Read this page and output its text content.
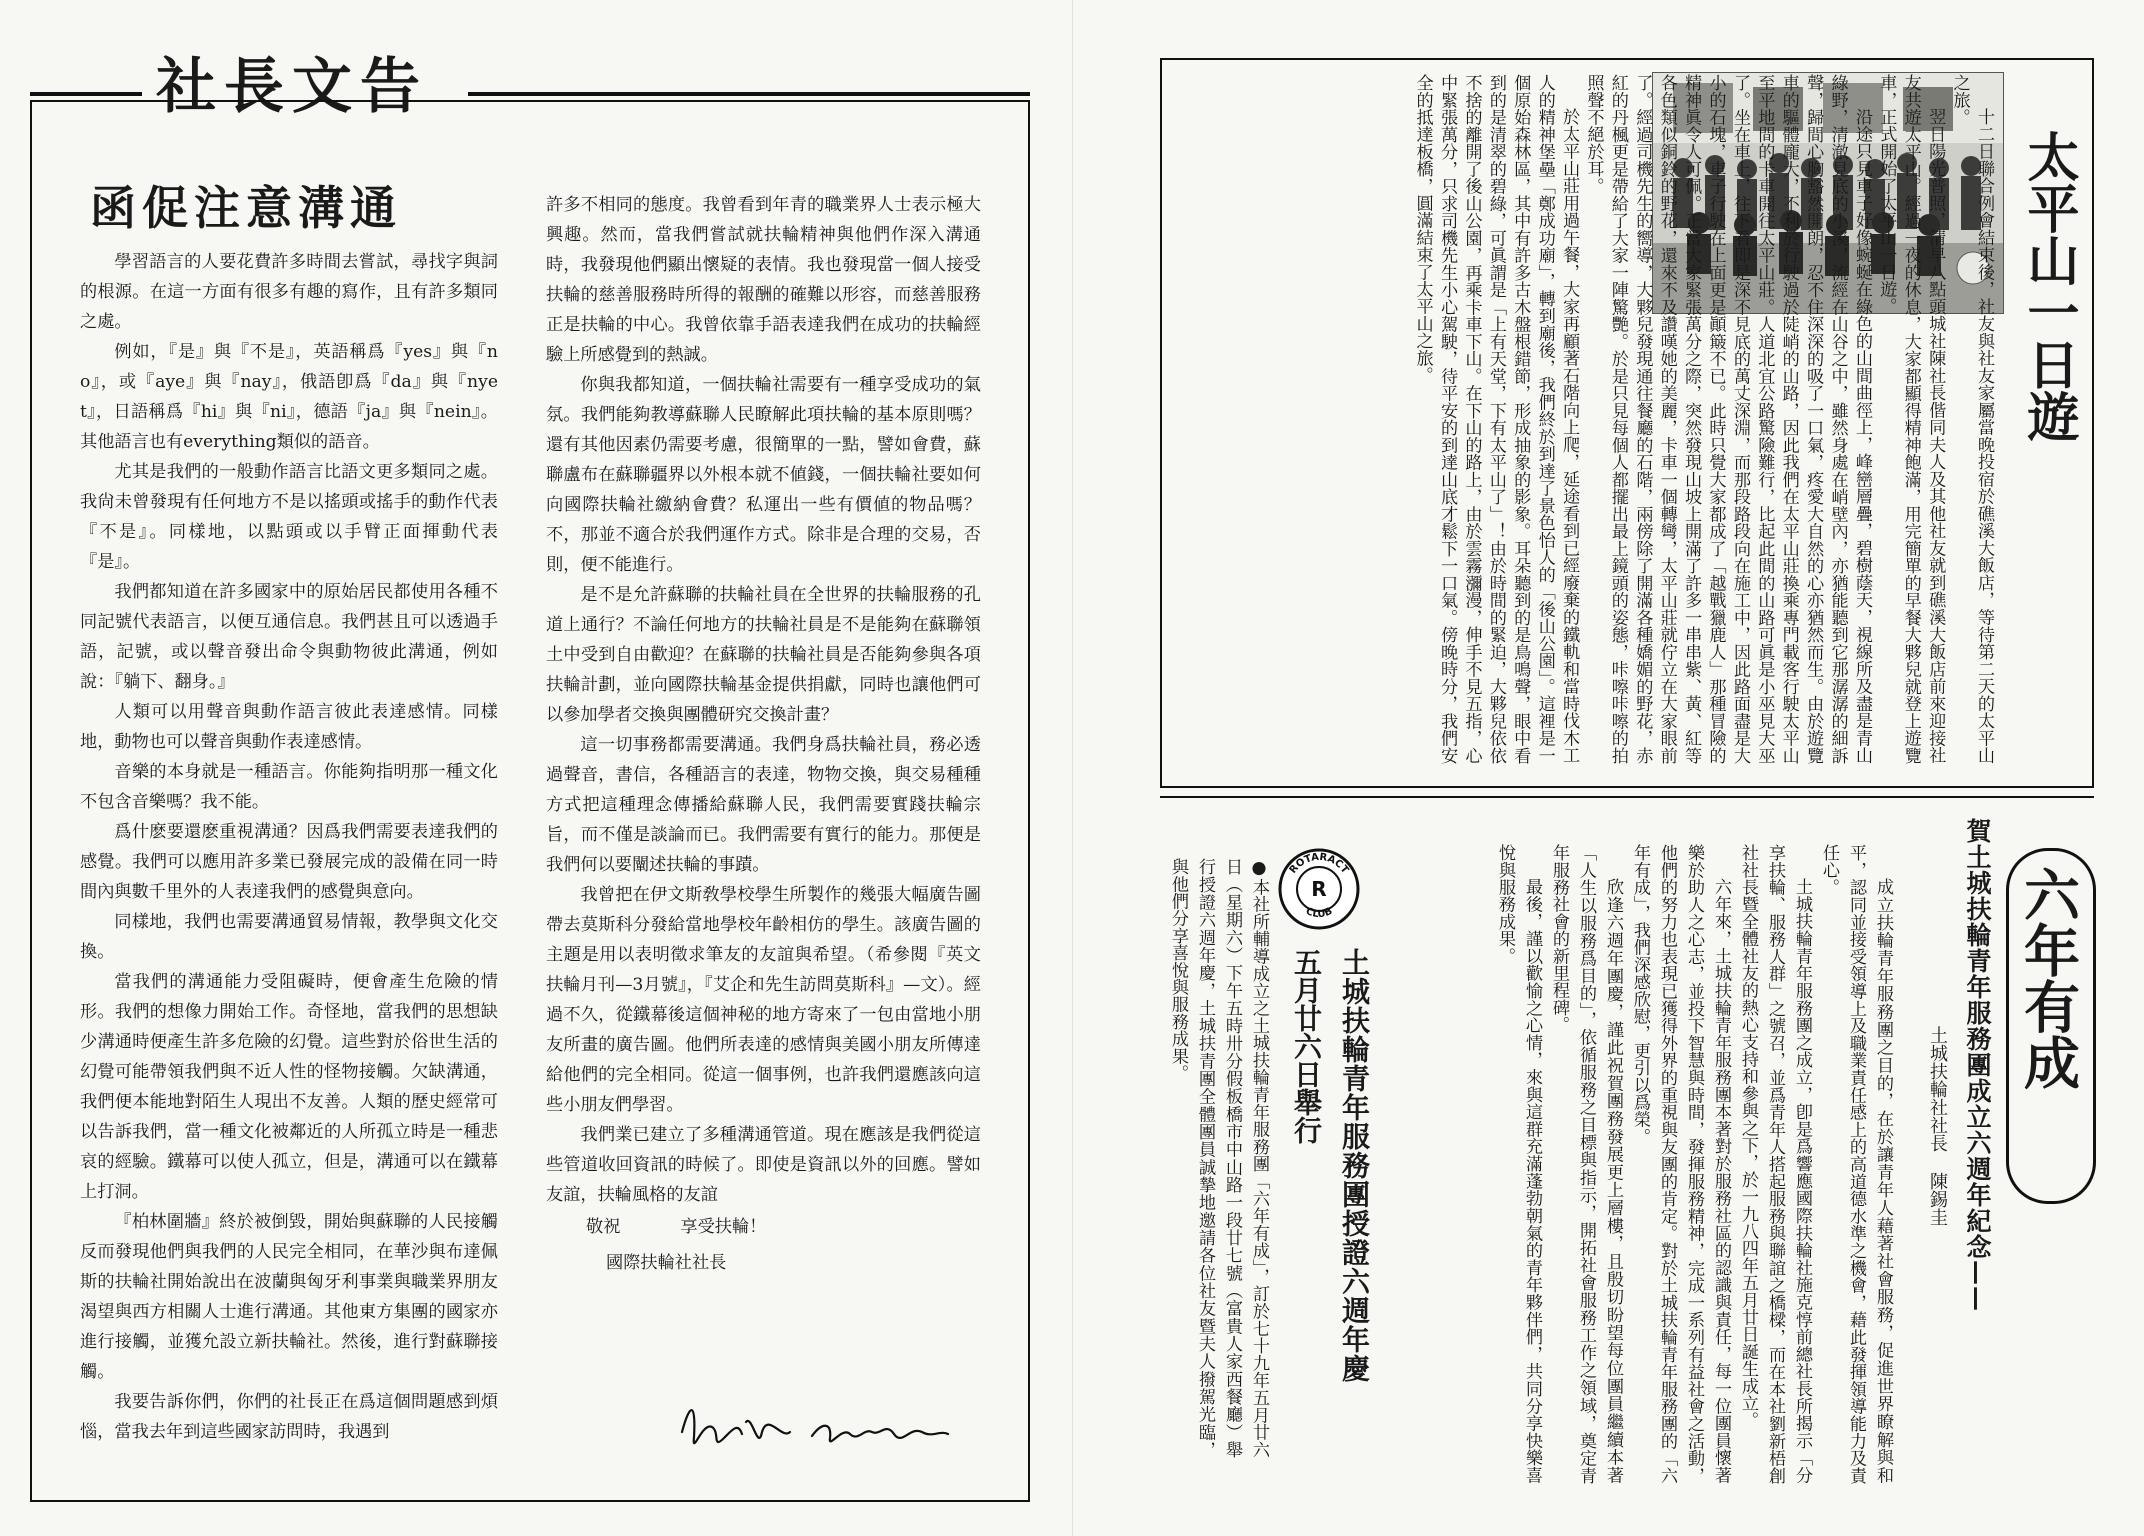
社長文告
函促注意溝通

學習語言的人要花費許多時間去嘗試，尋找字與詞的根源。在這一方面有很多有趣的寫作，且有許多類同之處。

例如，『是』與『不是』，英語稱爲『yes』與『no』，或『aye』與『nay』，俄語卽爲『da』與『nyet』，日語稱爲『hi』與『ni』，德語『ja』與『nein』。其他語言也有everything類似的語音。

尤其是我們的一般動作語言比語文更多類同之處。我尙未曾發現有任何地方不是以搖頭或搖手的動作代表『不是』。同樣地，以點頭或以手臂正面揮動代表『是』。

我們都知道在許多國家中的原始居民都使用各種不同記號代表語言，以便互通信息。我們甚且可以透過手語，記號，或以聲音發出命令與動物彼此溝通，例如說：『躺下、翻身。』

人類可以用聲音與動作語言彼此表達感情。同樣地，動物也可以聲音與動作表達感情。

音樂的本身就是一種語言。你能夠指明那一種文化不包含音樂嗎？我不能。

爲什麽要還麽重視溝通？因爲我們需要表達我們的感覺。我們可以應用許多業已發展完成的設備在同一時間內與數千里外的人表達我們的感覺與意向。

同樣地，我們也需要溝通貿易情報，教學與文化交換。

當我們的溝通能力受阻礙時，便會產生危險的情形。我們的想像力開始工作。奇怪地，當我們的思想缺少溝通時便產生許多危險的幻覺。這些對於俗世生活的幻覺可能帶領我們與不近人性的怪物接觸。欠缺溝通，我們便本能地對陌生人現出不友善。人類的歷史經常可以告訴我們，當一種文化被鄰近的人所孤立時是一種悲哀的經驗。鐵幕可以使人孤立，但是，溝通可以在鐵幕上打洞。

『柏林圍牆』終於被倒毀，開始與蘇聯的人民接觸反而發現他們與我們的人民完全相同，在華沙與布達佩斯的扶輪社開始說出在波蘭與匈牙利事業與職業界朋友渴望與西方相關人士進行溝通。其他東方集團的國家亦進行接觸，並獲允設立新扶輪社。然後，進行對蘇聯接觸。

我要告訴你們，你們的社長正在爲這個問題感到煩惱，當我去年到這些國家訪問時，我遇到

許多不相同的態度。我曾看到年青的職業界人士表示極大興趣。然而，當我們嘗試就扶輪精神與他們作深入溝通時，我發現他們顯出懷疑的表情。我也發現當一個人接受扶輪的慈善服務時所得的報酬的確難以形容，而慈善服務正是扶輪的中心。我曾依靠手語表達我們在成功的扶輪經驗上所感覺到的熱誠。

你與我都知道，一個扶輪社需要有一種享受成功的氣氛。我們能夠教導蘇聯人民瞭解此項扶輪的基本原則嗎？還有其他因素仍需要考慮，很簡單的一點，譬如會費，蘇聯盧布在蘇聯疆界以外根本就不値錢，一個扶輪社要如何向國際扶輪社繳納會費？私運出一些有價値的物品嗎？不，那並不適合於我們運作方式。除非是合理的交易，否則，便不能進行。

是不是允許蘇聯的扶輪社員在全世界的扶輪服務的孔道上通行？不論任何地方的扶輪社員是不是能夠在蘇聯領土中受到自由歡迎？在蘇聯的扶輪社員是否能夠參與各項扶輪計劃，並向國際扶輪基金提供捐獻，同時也讓他們可以參加學者交換與團體研究交換計畫？

這一切事務都需要溝通。我們身爲扶輪社員，務必透過聲音，書信，各種語言的表達，物物交換，與交易種種方式把這種理念傳播給蘇聯人民，我們需要實踐扶輪宗旨，而不僅是談論而已。我們需要有實行的能力。那便是我們何以要闡述扶輪的事蹟。

我曾把在伊文斯敎學校學生所製作的幾張大幅廣告圖帶去莫斯科分發給當地學校年齡相仿的學生。該廣告圖的主題是用以表明徵求筆友的友誼與希望。（希參閱『英文扶輪月刊—3月號』，『艾企和先生訪問莫斯科』—文）。經過不久，從鐵幕後這個神秘的地方寄來了一包由當地小朋友所畫的廣告圖。他們所表達的感情與美國小朋友所傳達給他們的完全相同。從這一個事例，也許我們還應該向這些小朋友們學習。

我們業已建立了多種溝通管道。現在應該是我們從這些管道收回資訊的時候了。即使是資訊以外的回應。譬如友誼，扶輪風格的友誼

敬祝	享受扶輪！
國際扶輪社社長
太平山一日遊

十二日聯合例會結束後，社友與社友家屬當晚投宿於礁溪大飯店，等待第二天的太平山之旅。

翌日陽光普照，清早八點頭城社陳社長偕同夫人及其他社友就到礁溪大飯店前來迎接社友共遊太平山。經過一夜的休息，大家都顯得精神飽滿，用完簡單的早餐大夥兒就登上遊覽車，正式開始了太平山一日遊。

沿途只見車子好像蜿蜒在綠色的山間曲徑上，峰巒層疊，碧樹蔭天，視線所及盡是青山綠野，清澈見底的小溪，流經在山谷之中，雖然身處在峭壁內，亦猶能聽到它那潺潺的細訴聲，歸間心胸豁然開朗，忍不住深深的吸了一口氣，疼愛大自然的心亦猶然而生。由於遊覽車的驅體龐大，不利於行駛過於陡峭的山路，因此我們在太平山莊換乘專門載客行駛太平山至平地間的卡車開往太平山莊。人道北宜公路驚險難行，比起此間的山路可眞是小巫見大巫了。坐在車上，往下看即是深不見底的萬丈深淵，而那段路段向在施工中，因此路面盡是大小的石塊，車子行駛在上面更是顚簸不已。此時只覺大家都成了「越戰獵鹿人」那種冒險的精神眞令人可佩。正當大家緊張萬分之際，突然發現山坡上開滿了許多一串串紫、黃、紅等各色類似銅鈴的野花，還來不及讚嘆她的美麗，卡車一個轉彎，太平山莊就佇立在大家眼前了。經過司機先生的嚮導，大夥兒發現通往餐廳的石階，兩傍除了開滿各種嬌媚的野花，赤紅的丹楓更是帶給了大家一陣驚艷。於是只見每個人都擺出最上鏡頭的姿態，咔嚓咔嚓的拍照聲不絕於耳。

於太平山莊用過午餐，大家再顧著石階向上爬，延途看到已經廢棄的鐵軌和當時伐木工人的精神堡壘「鄭成功廟」，轉到廟後，我們終於到達了景色怡人的「後山公園」。這裡是一個原始森林區，其中有許多古木盤根錯節，形成抽象的影象。耳朵聽到的是鳥鳴聲，眼中看到的是清翠的碧綠，可眞謂是「上有天堂，下有太平山了」！由於時間的緊迫，大夥兒依依不捨的離開了後山公園，再乘卡車下山。在下山的路上，由於雲霧瀰漫，伸手不見五指，心中緊張萬分，只求司機先生小心駕駛，待平安的到達山底才鬆下一口氣。傍晚時分，我們安全的抵達板橋，圓滿結束了太平山之旅。

六年有成
賀土城扶輪青年服務團成立六週年紀念——
土城扶輪社社長 陳錫圭

成立扶輪青年服務團之目的，在於讓青年人藉著社會服務，促進世界瞭解與和平，認同並接受領導上及職業責任感上的高道德水準之機會，藉此發揮領導能力及責任心。

土城扶輪青年服務團之成立，卽是爲響應國際扶輪社施克惇前總社長所揭示「分享扶輪、服務人群」之號召，並爲青年人搭起服務與聯誼之橋樑，而在本社劉新梧創社社長暨全體社友的熱心支持和參與之下，於一九八四年五月廿日誕生成立。

六年來，土城扶輪青年服務團本著對於服務社區的認識與責任，每一位團員懷著樂於助人之心志，並投下智慧與時間，發揮服務精神，完成一系列有益社會之活動，他們的努力也表現已獲得外界的重視與友團的肯定。對於土城扶輪青年服務團的「六年有成」，我們深感欣慰，更引以爲榮。

欣逢六週年團慶，謹此祝賀團務發展更上層樓，且殷切盼望每位團員繼續本著「人生以服務爲目的」，依循服務之目標與指示，開拓社會服務工作之領域，奠定青年服務社會的新里程碑。

最後，謹以歡愉之心情，來與這群充滿蓬勃朝氣的青年夥伴們，共同分享快樂喜悅與服務成果。

ROTARACT
CLUB
R
土城扶輪青年服務團授證六週年慶
五月廿六日舉行
●本社所輔導成立之土城扶輪青年服務團「六年有成」，訂於七十九年五月廿六日（星期六）下午五時卅分假板橋市中山路一段廿七號（富貴人家西餐廳）舉行授證六週年慶，土城扶青團全體團員誠摯地邀請各位社友暨夫人撥駕光臨，與他們分享喜悅與服務成果。
